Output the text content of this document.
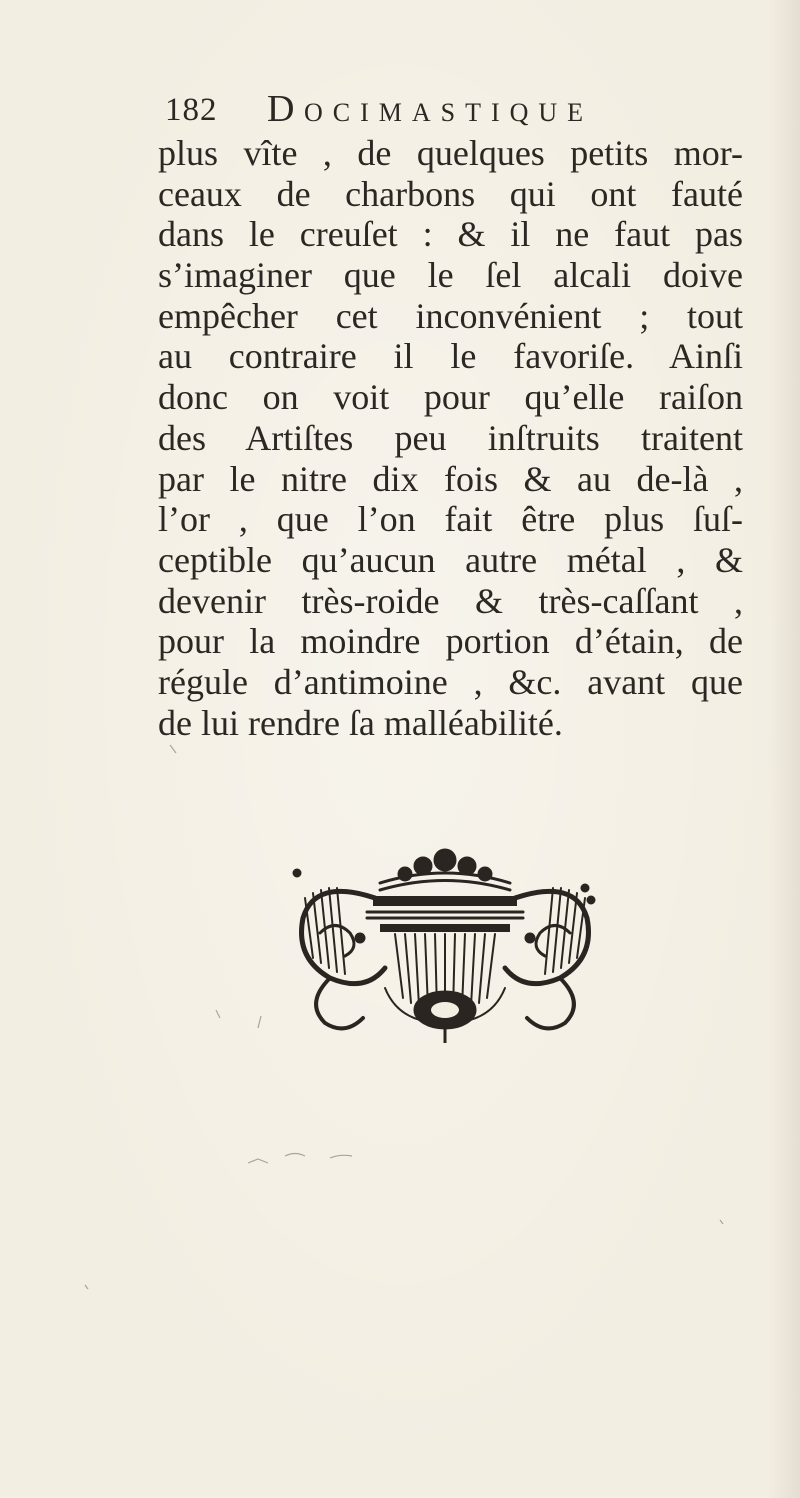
182 D OCIMASTIQUE
plus vîte , de quelques petits mor-
ceaux de charbons qui ont fauté
dans le creuſet : & il ne faut pas
s’imaginer que le ſel alcali doive
empêcher cet inconvénient ; tout
au contraire il le favoriſe. Ainſi
donc on voit pour qu’elle raiſon
des Artiſtes peu inſtruits traitent
par le nitre dix fois & au de-là ,
l’or , que l’on fait être plus ſuſ-
ceptible qu’aucun autre métal , &
devenir très-roide & très-caſſant ,
pour la moindre portion d’étain, de
régule d’antimoine , &c. avant que
de lui rendre ſa malléabilité.
